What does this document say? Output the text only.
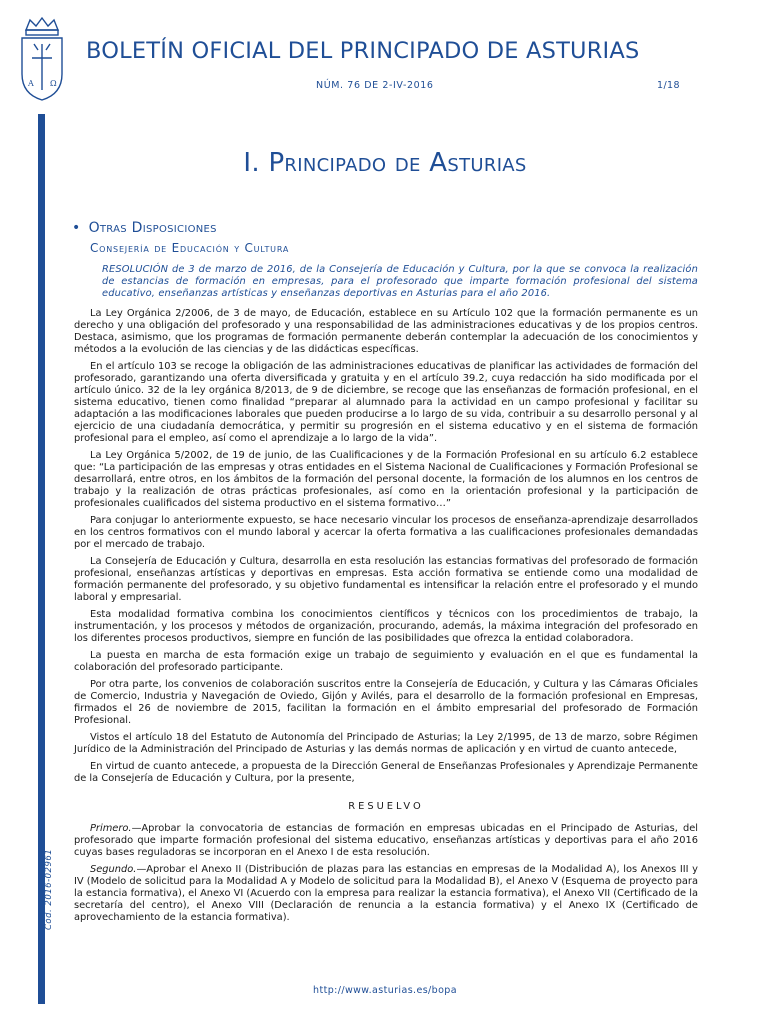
A Ω
BOLETÍN OFICIAL DEL PRINCIPADO DE ASTURIAS
NÚM. 76 DE 2-IV-2016	1/18
Cód. 2016-02961
I. Principado de Asturias
• Otras Disposiciones
Consejería de Educación y Cultura

RESOLUCIÓN de 3 de marzo de 2016, de la Consejería de Educación y Cultura, por la que se convoca la realización de estancias de formación en empresas, para el profesorado que imparte formación profesional del sistema educativo, enseñanzas artísticas y enseñanzas deportivas en Asturias para el año 2016.

La Ley Orgánica 2/2006, de 3 de mayo, de Educación, establece en su Artículo 102 que la formación permanente es un derecho y una obligación del profesorado y una responsabilidad de las administraciones educativas y de los propios centros. Destaca, asimismo, que los programas de formación permanente deberán contemplar la adecuación de los conocimientos y métodos a la evolución de las ciencias y de las didácticas específicas.

En el artículo 103 se recoge la obligación de las administraciones educativas de planificar las actividades de formación del profesorado, garantizando una oferta diversificada y gratuita y en el artículo 39.2, cuya redacción ha sido modificada por el artículo único. 32 de la ley orgánica 8/2013, de 9 de diciembre, se recoge que las enseñanzas de formación profesional, en el sistema educativo, tienen como finalidad “preparar al alumnado para la actividad en un campo profesional y facilitar su adaptación a las modificaciones laborales que pueden producirse a lo largo de su vida, contribuir a su desarrollo personal y al ejercicio de una ciudadanía democrática, y permitir su progresión en el sistema educativo y en el sistema de formación profesional para el empleo, así como el aprendizaje a lo largo de la vida”.

La Ley Orgánica 5/2002, de 19 de junio, de las Cualificaciones y de la Formación Profesional en su artículo 6.2 establece que: “La participación de las empresas y otras entidades en el Sistema Nacional de Cualificaciones y Formación Profesional se desarrollará, entre otros, en los ámbitos de la formación del personal docente, la formación de los alumnos en los centros de trabajo y la realización de otras prácticas profesionales, así como en la orientación profesional y la participación de profesionales cualificados del sistema productivo en el sistema formativo…”

Para conjugar lo anteriormente expuesto, se hace necesario vincular los procesos de enseñanza-aprendizaje desarrollados en los centros formativos con el mundo laboral y acercar la oferta formativa a las cualificaciones profesionales demandadas por el mercado de trabajo.

La Consejería de Educación y Cultura, desarrolla en esta resolución las estancias formativas del profesorado de formación profesional, enseñanzas artísticas y deportivas en empresas. Esta acción formativa se entiende como una modalidad de formación permanente del profesorado, y su objetivo fundamental es intensificar la relación entre el profesorado y el mundo laboral y empresarial.

Esta modalidad formativa combina los conocimientos científicos y técnicos con los procedimientos de trabajo, la instrumentación, y los procesos y métodos de organización, procurando, además, la máxima integración del profesorado en los diferentes procesos productivos, siempre en función de las posibilidades que ofrezca la entidad colaboradora.

La puesta en marcha de esta formación exige un trabajo de seguimiento y evaluación en el que es fundamental la colaboración del profesorado participante.

Por otra parte, los convenios de colaboración suscritos entre la Consejería de Educación, y Cultura y las Cámaras Oficiales de Comercio, Industria y Navegación de Oviedo, Gijón y Avilés, para el desarrollo de la formación profesional en Empresas, firmados el 26 de noviembre de 2015, facilitan la formación en el ámbito empresarial del profesorado de Formación Profesional.

Vistos el artículo 18 del Estatuto de Autonomía del Principado de Asturias; la Ley 2/1995, de 13 de marzo, sobre Régimen Jurídico de la Administración del Principado de Asturias y las demás normas de aplicación y en virtud de cuanto antecede,

En virtud de cuanto antecede, a propuesta de la Dirección General de Enseñanzas Profesionales y Aprendizaje Permanente de la Consejería de Educación y Cultura, por la presente,

RESUELVO

Primero.—Aprobar la convocatoria de estancias de formación en empresas ubicadas en el Principado de Asturias, del profesorado que imparte formación profesional del sistema educativo, enseñanzas artísticas y deportivas para el año 2016 cuyas bases reguladoras se incorporan en el Anexo I de esta resolución.

Segundo.—Aprobar el Anexo II (Distribución de plazas para las estancias en empresas de la Modalidad A), los Anexos III y IV (Modelo de solicitud para la Modalidad A y Modelo de solicitud para la Modalidad B), el Anexo V (Esquema de proyecto para la estancia formativa), el Anexo VI (Acuerdo con la empresa para realizar la estancia formativa), el Anexo VII (Certificado de la secretaría del centro), el Anexo VIII (Declaración de renuncia a la estancia formativa) y el Anexo IX (Certificado de aprovechamiento de la estancia formativa).

http://www.asturias.es/bopa
